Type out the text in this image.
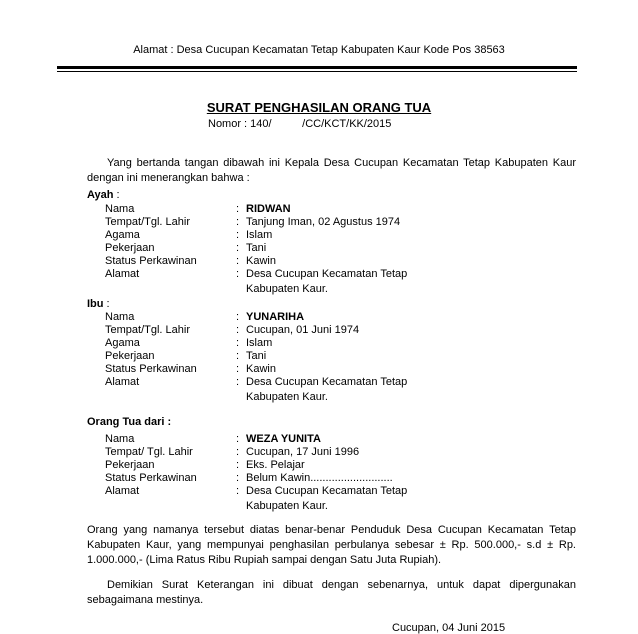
Alamat : Desa Cucupan Kecamatan Tetap Kabupaten Kaur Kode Pos 38563
SURAT PENGHASILAN ORANG TUA
Nomor : 140/          /CC/KCT/KK/2015
Yang bertanda tangan dibawah ini Kepala Desa Cucupan Kecamatan Tetap Kabupaten Kaur dengan ini menerangkan bahwa :
Ayah :
Nama	: RIDWAN
Tempat/Tgl. Lahir	: Tanjung Iman, 02 Agustus 1974
Agama	: Islam
Pekerjaan	: Tani
Status Perkawinan	: Kawin
Alamat	: Desa Cucupan Kecamatan Tetap
Kabupaten Kaur.
Ibu :
Nama	: YUNARIHA
Tempat/Tgl. Lahir	: Cucupan, 01 Juni 1974
Agama	: Islam
Pekerjaan	: Tani
Status Perkawinan	: Kawin
Alamat	: Desa Cucupan Kecamatan Tetap
Kabupaten Kaur.
Orang Tua dari :
Nama	: WEZA YUNITA
Tempat/ Tgl. Lahir	: Cucupan, 17 Juni 1996
Pekerjaan	: Eks. Pelajar
Status Perkawinan	: Belum Kawin...........................
Alamat	: Desa Cucupan Kecamatan Tetap
Kabupaten Kaur.
Orang yang namanya tersebut diatas benar-benar Penduduk Desa Cucupan Kecamatan Tetap Kabupaten Kaur, yang mempunyai penghasilan perbulanya sebesar ± Rp. 500.000,- s.d ± Rp. 1.000.000,- (Lima Ratus Ribu Rupiah sampai dengan Satu Juta Rupiah).
Demikian Surat Keterangan ini dibuat dengan sebenarnya, untuk dapat dipergunakan sebagaimana mestinya.
Cucupan, 04 Juni 2015
